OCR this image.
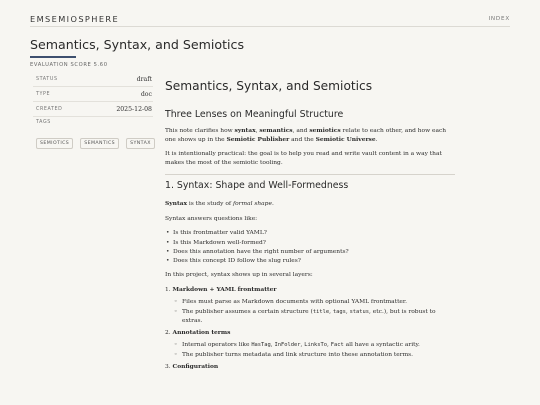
EMSEMIOSPHERE	INDEX
Semantics, Syntax, and Semiotics
EVALUATION SCORE 5.60
STATUS	draft
TYPE	doc
CREATED	2025-12-08
TAGS
SEMIOTICS	SEMANTICS	SYNTAX
Semantics, Syntax, and Semiotics
Three Lenses on Meaningful Structure

This note clarifies how syntax, semantics, and semiotics relate to each other, and how each one shows up in the Semiotic Publisher and the Semiotic Universe.

It is intentionally practical: the goal is to help you read and write vault content in a way that makes the most of the semiotic tooling.

1. Syntax: Shape and Well-Formedness

Syntax is the study of formal shape.

Syntax answers questions like:

• Is this frontmatter valid YAML?
• Is this Markdown well-formed?
• Does this annotation have the right number of arguments?
• Does this concept ID follow the slug rules?

In this project, syntax shows up in several layers:

1. Markdown + YAML frontmatter
◦ Files must parse as Markdown documents with optional YAML frontmatter.
◦ The publisher assumes a certain structure (title, tags, status, etc.), but is robust to extras.
2. Annotation terms
◦ Internal operators like HasTag, InFolder, LinksTo, Fact all have a syntactic arity.
◦ The publisher turns metadata and link structure into these annotation terms.
3. Configuration
